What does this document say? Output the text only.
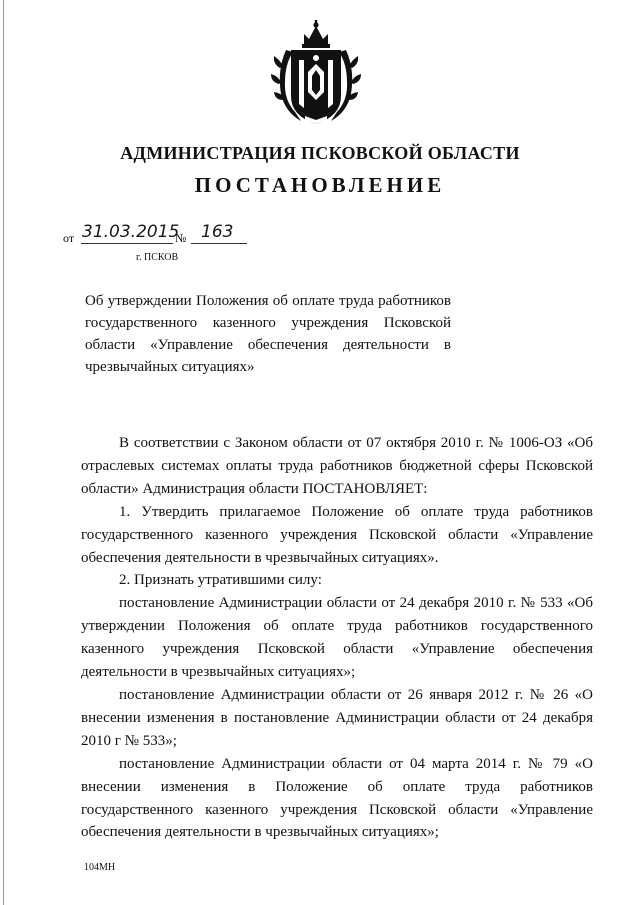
АДМИНИСТРАЦИЯ ПСКОВСКОЙ ОБЛАСТИ
ПОСТАНОВЛЕНИЕ
от 31.03.2015
№ 163
г. ПСКОВ
Об утверждении Положения об оплате труда работников государственного казенного учреждения Псковской области «Управление обеспечения деятельности в чрезвычайных ситуациях»

В соответствии с Законом области от 07 октября 2010 г. № 1006-ОЗ «Об отраслевых системах оплаты труда работников бюджетной сферы Псковской области» Администрация области ПОСТАНОВЛЯЕТ:

1. Утвердить прилагаемое Положение об оплате труда работников государственного казенного учреждения Псковской области «Управление обеспечения деятельности в чрезвычайных ситуациях».

2. Признать утратившими силу:

постановление Администрации области от 24 декабря 2010 г. № 533 «Об утверждении Положения об оплате труда работников государственного казенного учреждения Псковской области «Управление обеспечения деятельности в чрезвычайных ситуациях»;

постановление Администрации области от 26 января 2012 г. № 26 «О внесении изменения в постановление Администрации области от 24 декабря 2010 г № 533»;

постановление Администрации области от 04 марта 2014 г. № 79 «О внесении изменения в Положение об оплате труда работников государственного казенного учреждения Псковской области «Управление обеспечения деятельности в чрезвычайных ситуациях»;

104МН
